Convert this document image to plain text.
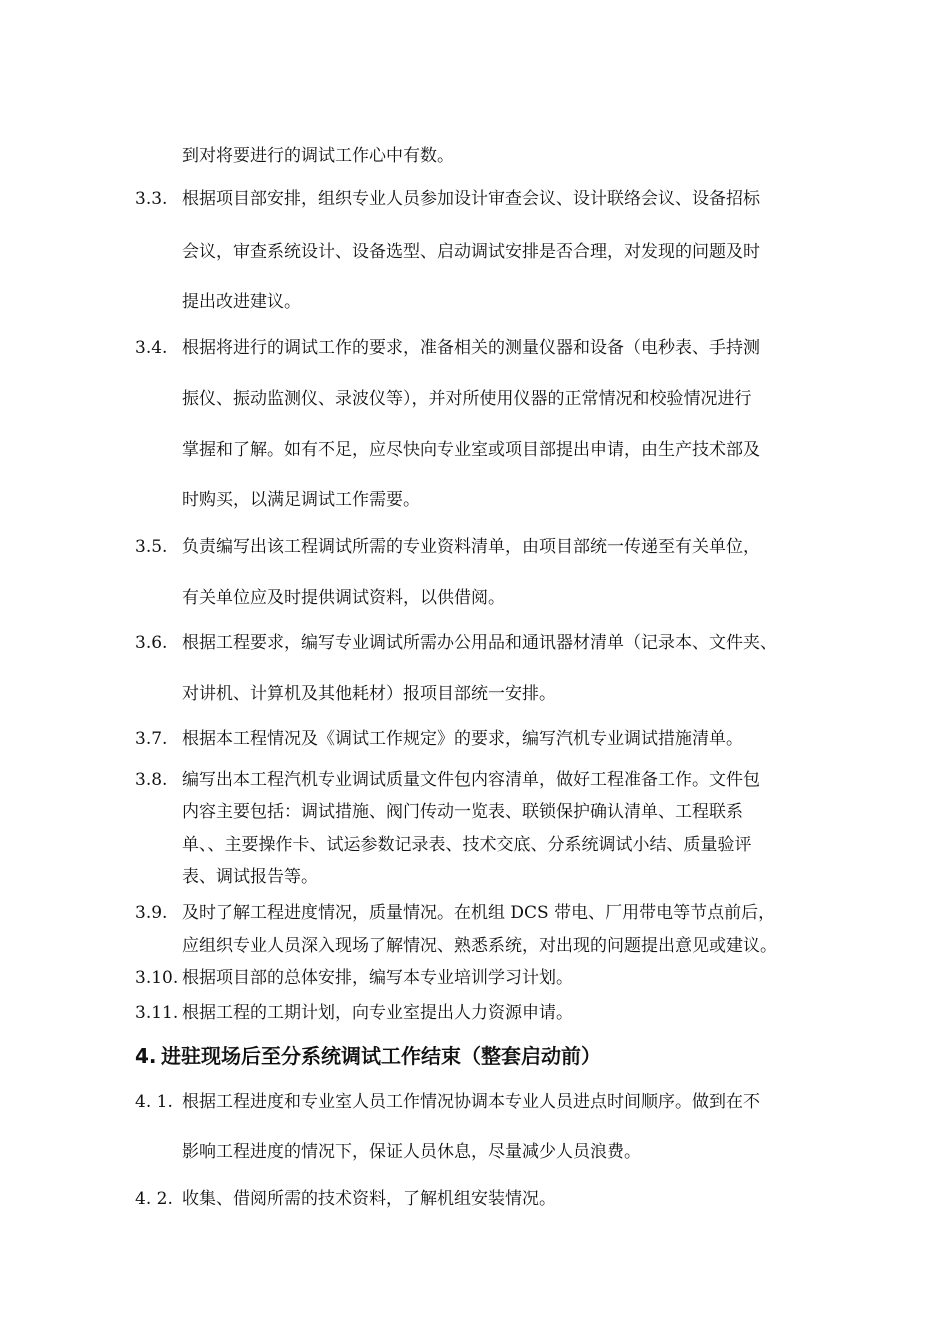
到对将要进行的调试工作心中有数。
3.3. 根据项目部安排，组织专业人员参加设计审查会议、设计联络会议、设备招标
会议，审查系统设计、设备选型、启动调试安排是否合理，对发现的问题及时
提出改进建议。
3.4. 根据将进行的调试工作的要求，准备相关的测量仪器和设备（电秒表、手持测
振仪、振动监测仪、录波仪等），并对所使用仪器的正常情况和校验情况进行
掌握和了解。如有不足，应尽快向专业室或项目部提出申请，由生产技术部及
时购买，以满足调试工作需要。
3.5. 负责编写出该工程调试所需的专业资料清单，由项目部统一传递至有关单位，
有关单位应及时提供调试资料，以供借阅。
3.6. 根据工程要求，编写专业调试所需办公用品和通讯器材清单（记录本、文件夹、
对讲机、计算机及其他耗材）报项目部统一安排。
3.7. 根据本工程情况及《调试工作规定》的要求，编写汽机专业调试措施清单。
3.8. 编写出本工程汽机专业调试质量文件包内容清单，做好工程准备工作。文件包
内容主要包括：调试措施、阀门传动一览表、联锁保护确认清单、工程联系
单、、主要操作卡、试运参数记录表、技术交底、分系统调试小结、质量验评
表、调试报告等。
3.9. 及时了解工程进度情况，质量情况。在机组 DCS 带电、厂用带电等节点前后，
应组织专业人员深入现场了解情况、熟悉系统，对出现的问题提出意见或建议。
3.10. 根据项目部的总体安排，编写本专业培训学习计划。
3.11. 根据工程的工期计划，向专业室提出人力资源申请。
4. 进驻现场后至分系统调试工作结束（整套启动前）
4. 1. 根据工程进度和专业室人员工作情况协调本专业人员进点时间顺序。做到在不
影响工程进度的情况下，保证人员休息，尽量减少人员浪费。
4. 2. 收集、借阅所需的技术资料，了解机组安装情况。
